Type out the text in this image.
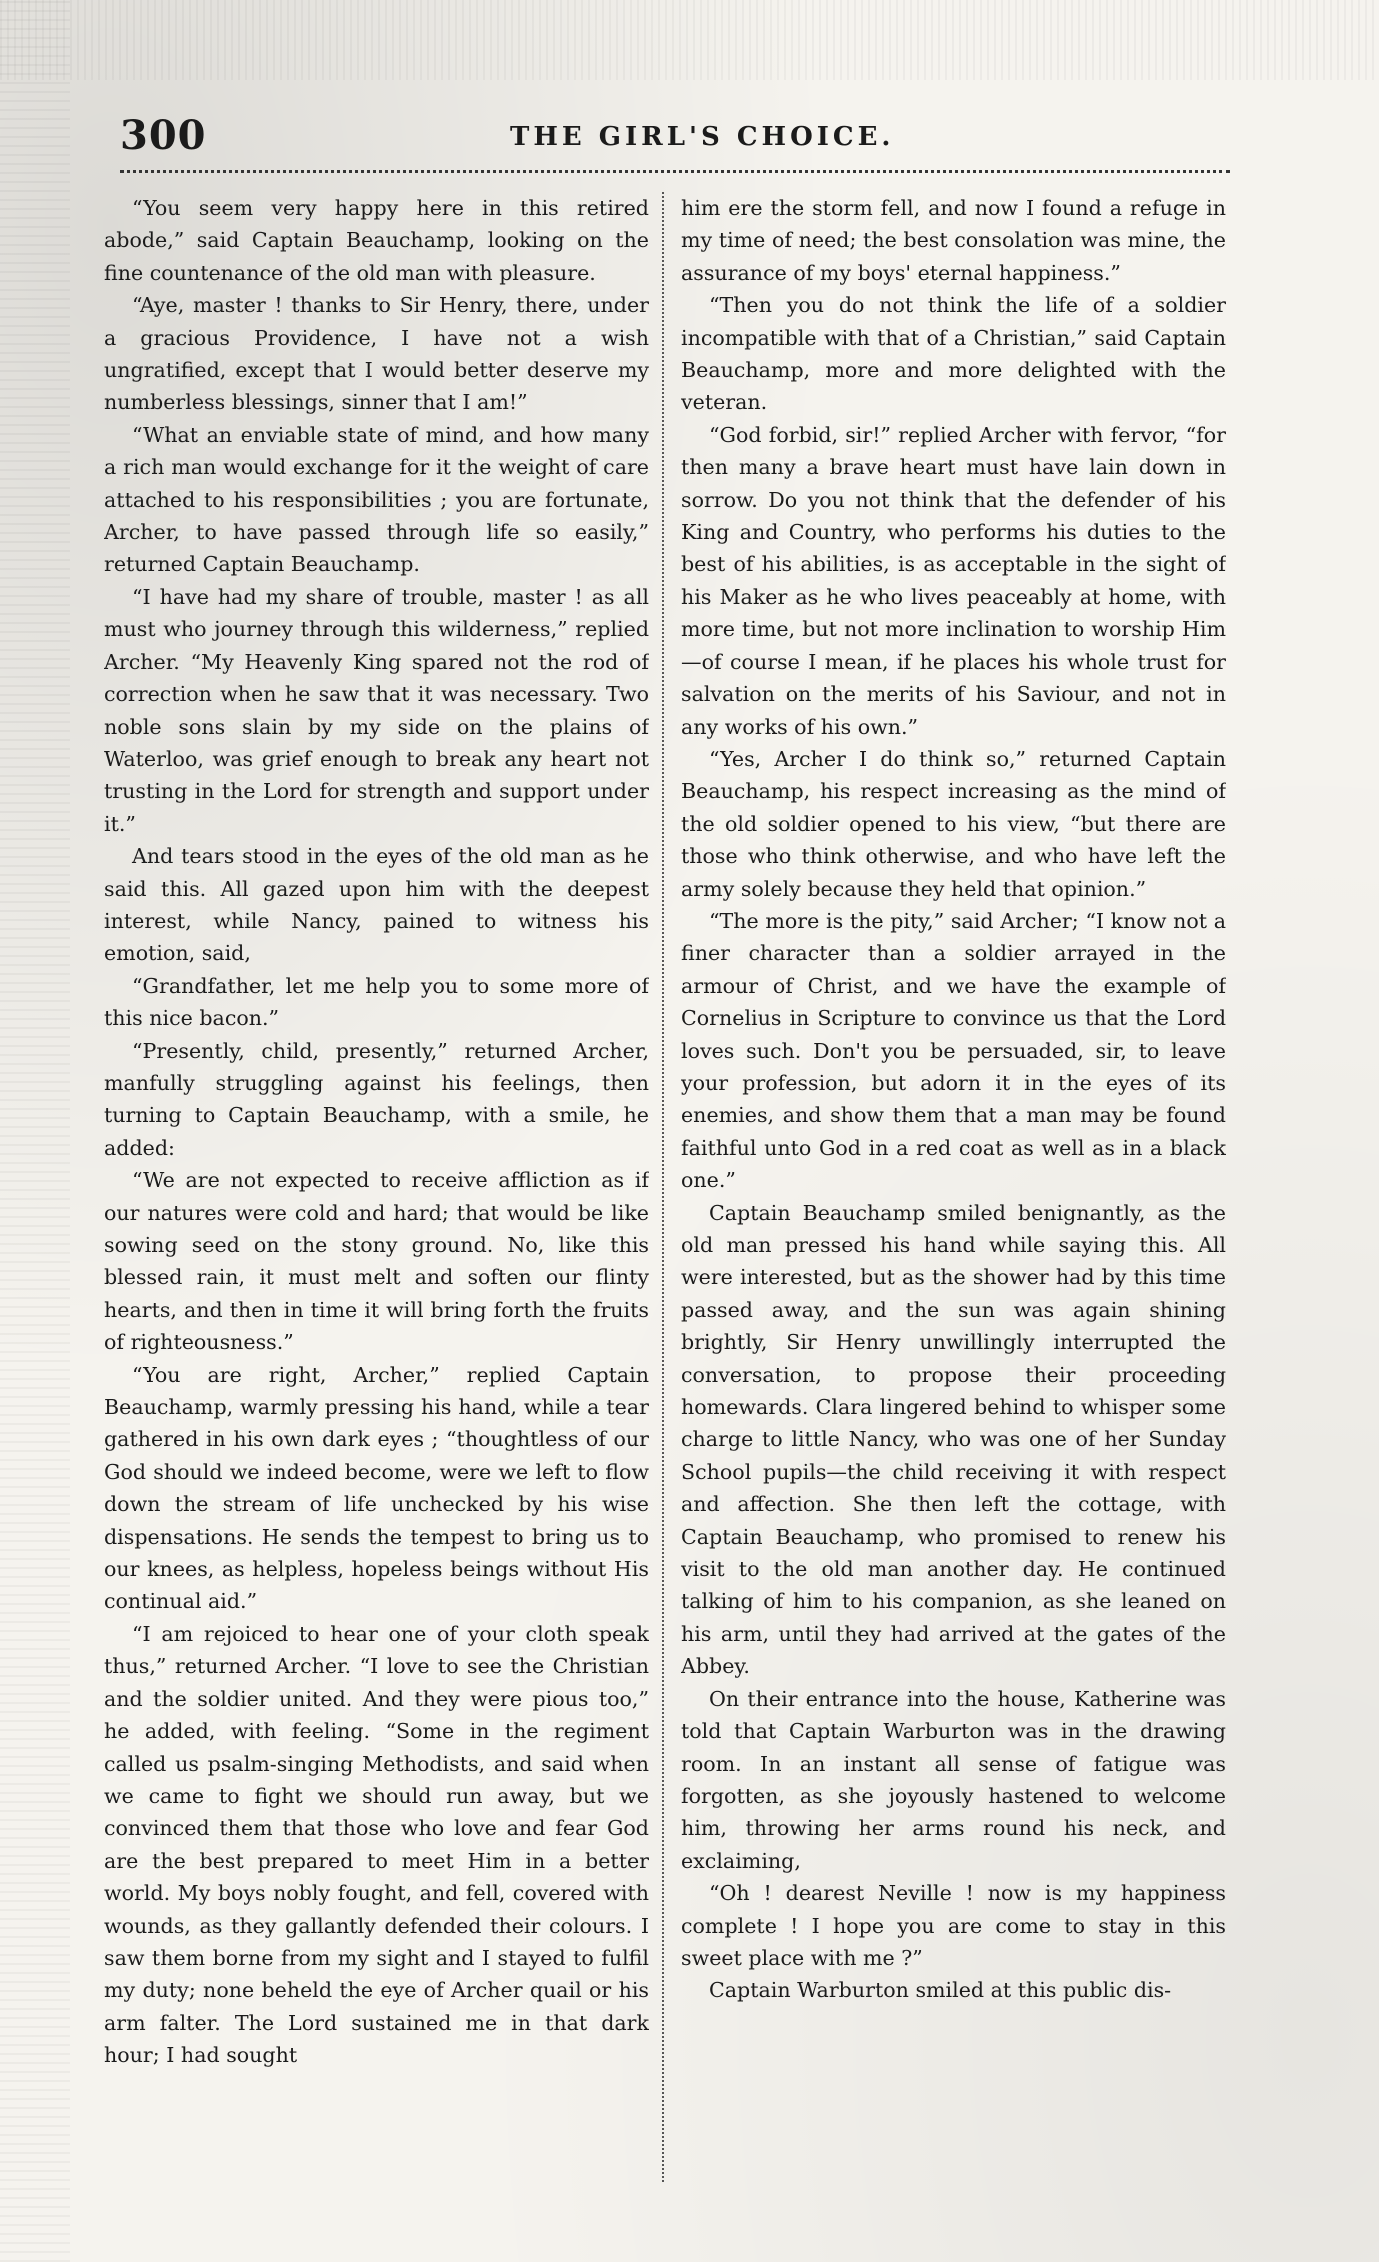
300	THE GIRL'S CHOICE.

“You seem very happy here in this retired abode,” said Captain Beauchamp, looking on the fine countenance of the old man with pleasure.

“Aye, master ! thanks to Sir Henry, there, under a gracious Providence, I have not a wish ungratified, except that I would better deserve my numberless blessings, sinner that I am!”

“What an enviable state of mind, and how many a rich man would exchange for it the weight of care attached to his responsibilities ; you are fortunate, Archer, to have passed through life so easily,” returned Captain Beauchamp.

“I have had my share of trouble, master ! as all must who journey through this wilderness,” replied Archer. “My Heavenly King spared not the rod of correction when he saw that it was necessary. Two noble sons slain by my side on the plains of Waterloo, was grief enough to break any heart not trusting in the Lord for strength and support under it.”

And tears stood in the eyes of the old man as he said this. All gazed upon him with the deepest interest, while Nancy, pained to witness his emotion, said,

“Grandfather, let me help you to some more of this nice bacon.”

“Presently, child, presently,” returned Archer, manfully struggling against his feelings, then turning to Captain Beauchamp, with a smile, he added:

“We are not expected to receive affliction as if our natures were cold and hard; that would be like sowing seed on the stony ground. No, like this blessed rain, it must melt and soften our flinty hearts, and then in time it will bring forth the fruits of righteousness.”

“You are right, Archer,” replied Captain Beauchamp, warmly pressing his hand, while a tear gathered in his own dark eyes ; “thoughtless of our God should we indeed become, were we left to flow down the stream of life unchecked by his wise dispensations. He sends the tempest to bring us to our knees, as helpless, hopeless beings without His continual aid.”

“I am rejoiced to hear one of your cloth speak thus,” returned Archer. “I love to see the Christian and the soldier united. And they were pious too,” he added, with feeling. “Some in the regiment called us psalm-singing Methodists, and said when we came to fight we should run away, but we convinced them that those who love and fear God are the best prepared to meet Him in a better world. My boys nobly fought, and fell, covered with wounds, as they gallantly defended their colours. I saw them borne from my sight and I stayed to fulfil my duty; none beheld the eye of Archer quail or his arm falter. The Lord sustained me in that dark hour; I had sought

him ere the storm fell, and now I found a refuge in my time of need; the best consolation was mine, the assurance of my boys' eternal happiness.”

“Then you do not think the life of a soldier incompatible with that of a Christian,” said Captain Beauchamp, more and more delighted with the veteran.

“God forbid, sir!” replied Archer with fervor, “for then many a brave heart must have lain down in sorrow. Do you not think that the defender of his King and Country, who performs his duties to the best of his abilities, is as acceptable in the sight of his Maker as he who lives peaceably at home, with more time, but not more inclination to worship Him—of course I mean, if he places his whole trust for salvation on the merits of his Saviour, and not in any works of his own.”

“Yes, Archer I do think so,” returned Captain Beauchamp, his respect increasing as the mind of the old soldier opened to his view, “but there are those who think otherwise, and who have left the army solely because they held that opinion.”

“The more is the pity,” said Archer; “I know not a finer character than a soldier arrayed in the armour of Christ, and we have the example of Cornelius in Scripture to convince us that the Lord loves such. Don't you be persuaded, sir, to leave your profession, but adorn it in the eyes of its enemies, and show them that a man may be found faithful unto God in a red coat as well as in a black one.”

Captain Beauchamp smiled benignantly, as the old man pressed his hand while saying this. All were interested, but as the shower had by this time passed away, and the sun was again shining brightly, Sir Henry unwillingly interrupted the conversation, to propose their proceeding homewards. Clara lingered behind to whisper some charge to little Nancy, who was one of her Sunday School pupils—the child receiving it with respect and affection. She then left the cottage, with Captain Beauchamp, who promised to renew his visit to the old man another day. He continued talking of him to his companion, as she leaned on his arm, until they had arrived at the gates of the Abbey.

On their entrance into the house, Katherine was told that Captain Warburton was in the drawing room. In an instant all sense of fatigue was forgotten, as she joyously hastened to welcome him, throwing her arms round his neck, and exclaiming,

“Oh ! dearest Neville ! now is my happiness complete ! I hope you are come to stay in this sweet place with me ?”

Captain Warburton smiled at this public dis-
